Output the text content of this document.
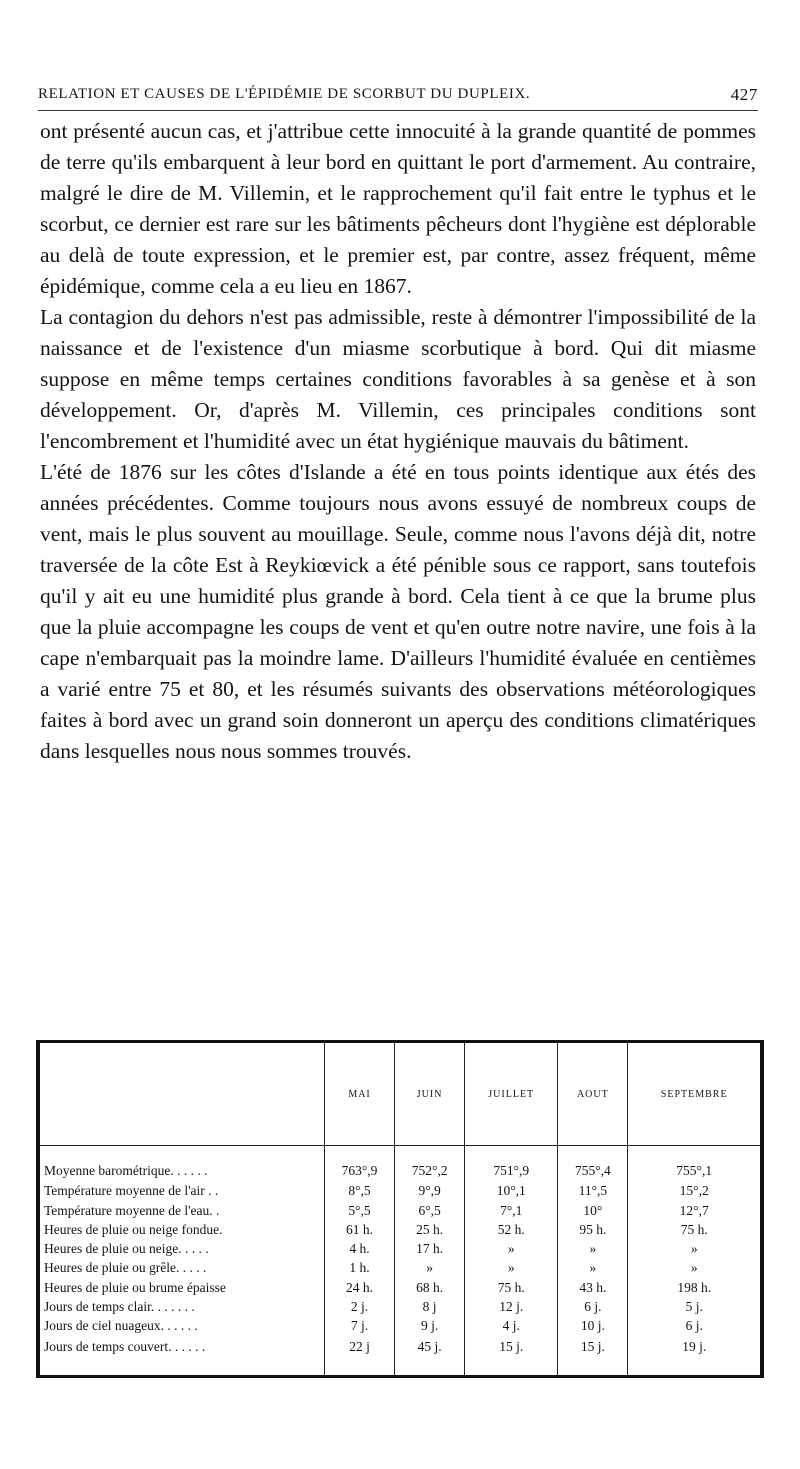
RELATION ET CAUSES DE L'ÉPIDÉMIE DE SCORBUT DU DUPLEIX.	427

ont présenté aucun cas, et j'attribue cette innocuité à la grande quantité de pommes de terre qu'ils embarquent à leur bord en quittant le port d'armement. Au contraire, malgré le dire de M. Villemin, et le rapprochement qu'il fait entre le typhus et le scorbut, ce dernier est rare sur les bâtiments pêcheurs dont l'hygiène est déplorable au delà de toute expression, et le premier est, par contre, assez fréquent, même épidémique, comme cela a eu lieu en 1867.

La contagion du dehors n'est pas admissible, reste à démontrer l'impossibilité de la naissance et de l'existence d'un miasme scorbutique à bord. Qui dit miasme suppose en même temps certaines conditions favorables à sa genèse et à son développement. Or, d'après M. Villemin, ces principales conditions sont l'encombrement et l'humidité avec un état hygiénique mauvais du bâtiment.

L'été de 1876 sur les côtes d'Islande a été en tous points identique aux étés des années précédentes. Comme toujours nous avons essuyé de nombreux coups de vent, mais le plus souvent au mouillage. Seule, comme nous l'avons déjà dit, notre traversée de la côte Est à Reykiœvick a été pénible sous ce rapport, sans toutefois qu'il y ait eu une humidité plus grande à bord. Cela tient à ce que la brume plus que la pluie accompagne les coups de vent et qu'en outre notre navire, une fois à la cape n'embarquait pas la moindre lame. D'ailleurs l'humidité évaluée en centièmes a varié entre 75 et 80, et les résumés suivants des observations météorologiques faites à bord avec un grand soin donneront un aperçu des conditions climatériques dans lesquelles nous nous sommes trouvés.

	MAI	JUIN	JUILLET	AOUT	SEPTEMBRE
Moyenne barométrique. . . . . .	763°,9	752°,2	751°,9	755°,4	755°,1
Température moyenne de l'air . .	8°,5	9°,9	10°,1	11°,5	15°,2
Température moyenne de l'eau. .	5°,5	6°,5	7°,1	10°	12°,7
Heures de pluie ou neige fondue.	61 h.	25 h.	52 h.	95 h.	75 h.
Heures de pluie ou neige. . . . .	4 h.	17 h.	»	»	»
Heures de pluie ou grêle. . . . .	1 h.	»	»	»	»
Heures de pluie ou brume épaisse	24 h.	68 h.	75 h.	43 h.	198 h.
Jours de temps clair. . . . . . .	2 j.	8 j	12 j.	6 j.	5 j.
Jours de ciel nuageux. . . . . .	7 j.	9 j.	4 j.	10 j.	6 j.
Jours de temps couvert. . . . . .	22 j	45 j.	15 j.	15 j.	19 j.
